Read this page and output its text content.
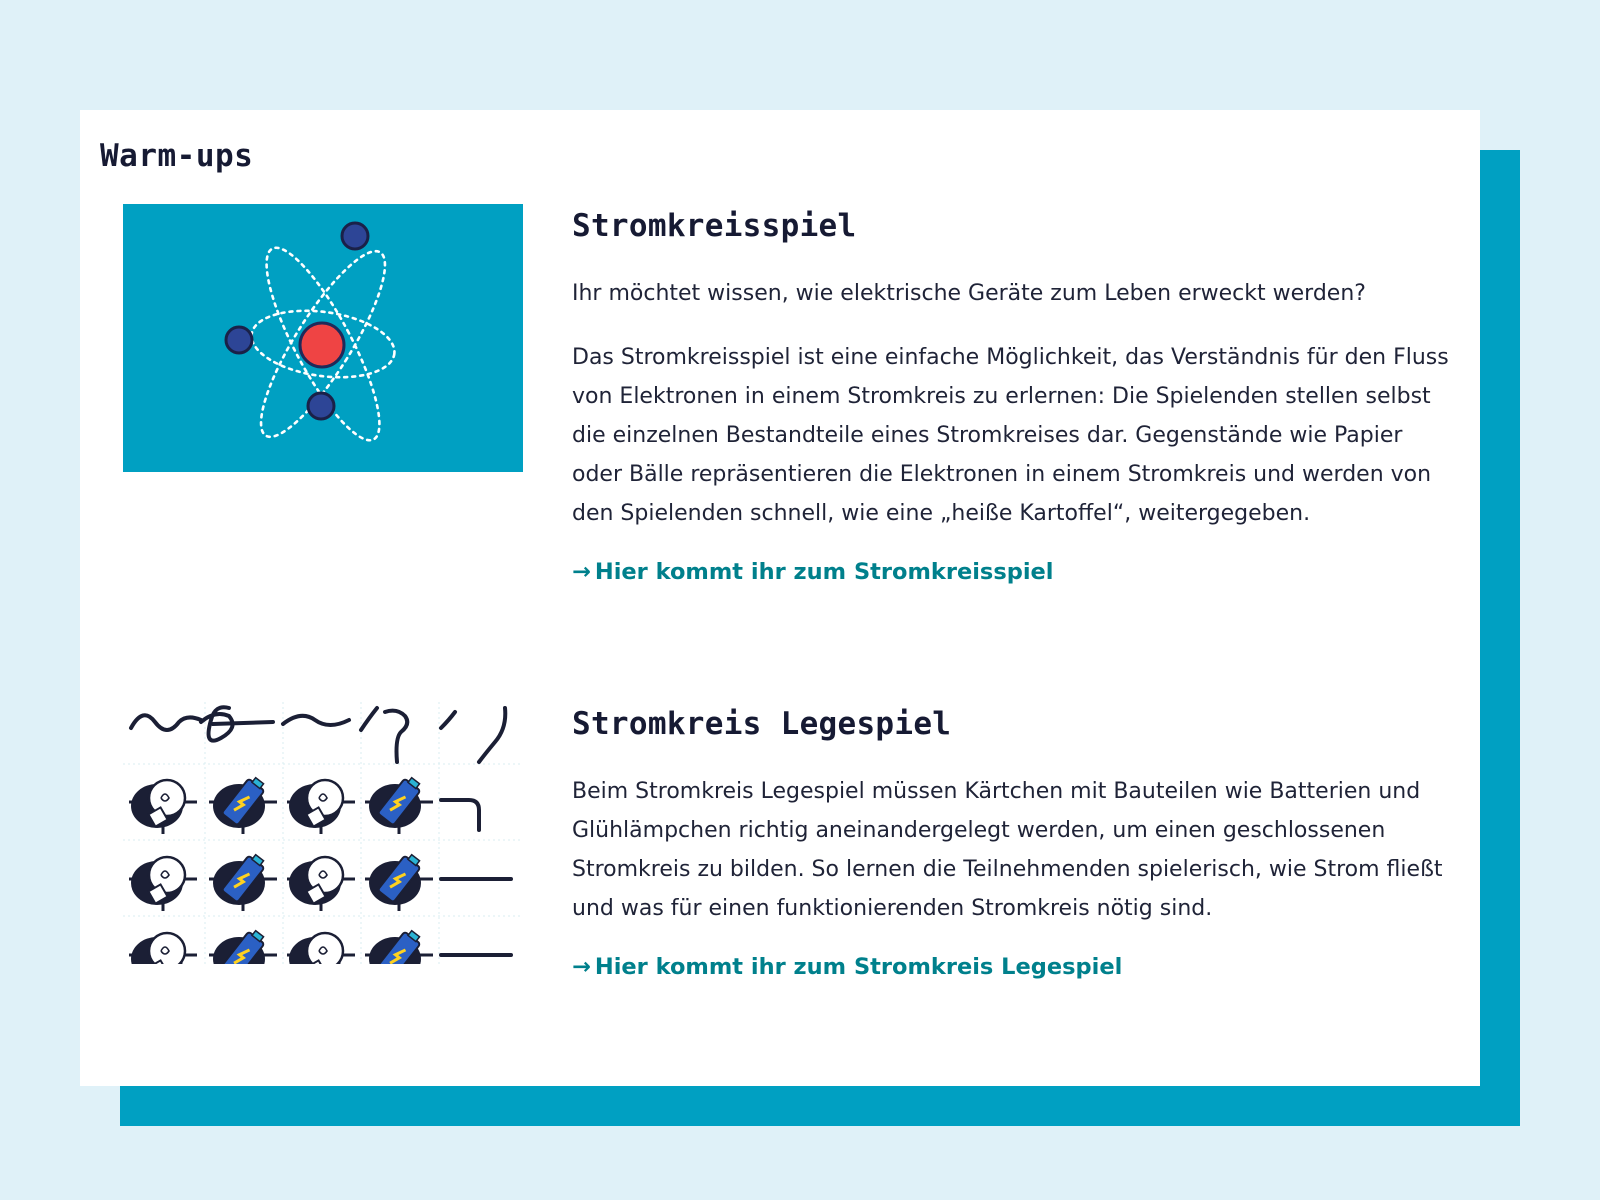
Warm-ups
Stromkreisspiel

Ihr möchtet wissen, wie elektrische Geräte zum Leben erweckt werden?

Das Stromkreisspiel ist eine einfache Möglichkeit, das Verständnis für den Fluss von Elektronen in einem Stromkreis zu erlernen: Die Spielenden stellen selbst die einzelnen Bestandteile eines Stromkreises dar. Gegenstände wie Papier oder Bälle repräsentieren die Elektronen in einem Stromkreis und werden von den Spielenden schnell, wie eine „heiße Kartoffel“, weitergegeben.

→ Hier kommt ihr zum Stromkreisspiel
Stromkreis Legespiel

Beim Stromkreis Legespiel müssen Kärtchen mit Bauteilen wie Batterien und Glühlämpchen richtig aneinandergelegt werden, um einen geschlossenen Stromkreis zu bilden. So lernen die Teilnehmenden spielerisch, wie Strom fließt und was für einen funktionierenden Stromkreis nötig sind.

→ Hier kommt ihr zum Stromkreis Legespiel
